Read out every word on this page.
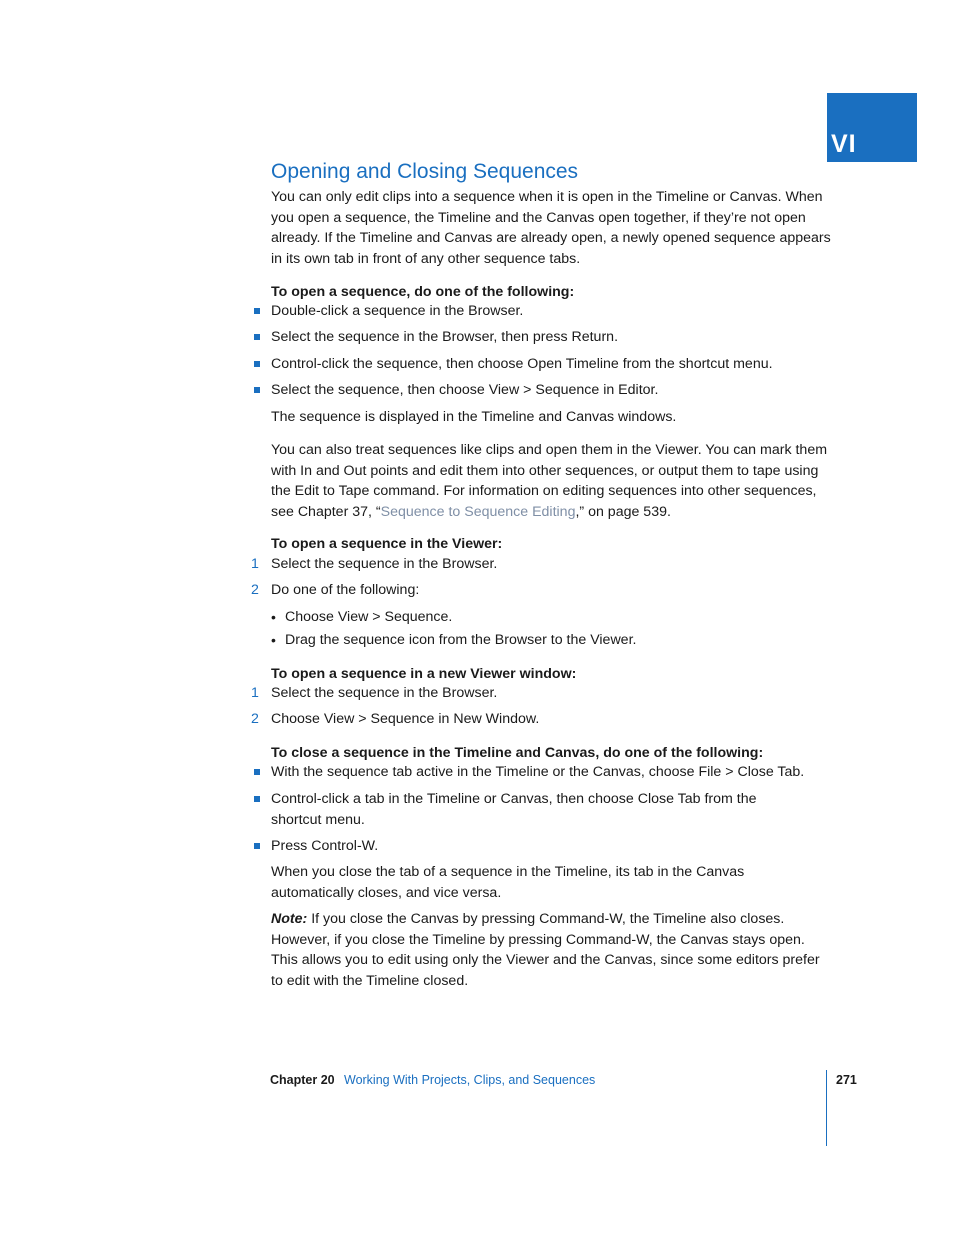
VI
Opening and Closing Sequences

You can only edit clips into a sequence when it is open in the Timeline or Canvas. When you open a sequence, the Timeline and the Canvas open together, if they’re not open already. If the Timeline and Canvas are already open, a newly opened sequence appears in its own tab in front of any other sequence tabs.

To open a sequence, do one of the following:

Double-click a sequence in the Browser.

Select the sequence in the Browser, then press Return.

Control-click the sequence, then choose Open Timeline from the shortcut menu.

Select the sequence, then choose View > Sequence in Editor.

The sequence is displayed in the Timeline and Canvas windows.

You can also treat sequences like clips and open them in the Viewer. You can mark them with In and Out points and edit them into other sequences, or output them to tape using the Edit to Tape command. For information on editing sequences into other sequences, see Chapter 37, “Sequence to Sequence Editing,” on page 539.

To open a sequence in the Viewer:

1 Select the sequence in the Browser.

2 Do one of the following:

• Choose View > Sequence.
• Drag the sequence icon from the Browser to the Viewer.

To open a sequence in a new Viewer window:

1 Select the sequence in the Browser.

2 Choose View > Sequence in New Window.

To close a sequence in the Timeline and Canvas, do one of the following:

With the sequence tab active in the Timeline or the Canvas, choose File > Close Tab.

Control-click a tab in the Timeline or Canvas, then choose Close Tab from the shortcut menu.

Press Control-W.

When you close the tab of a sequence in the Timeline, its tab in the Canvas automatically closes, and vice versa.

Note: If you close the Canvas by pressing Command-W, the Timeline also closes. However, if you close the Timeline by pressing Command-W, the Canvas stays open. This allows you to edit using only the Viewer and the Canvas, since some editors prefer to edit with the Timeline closed.

Chapter 20 Working With Projects, Clips, and Sequences	271
